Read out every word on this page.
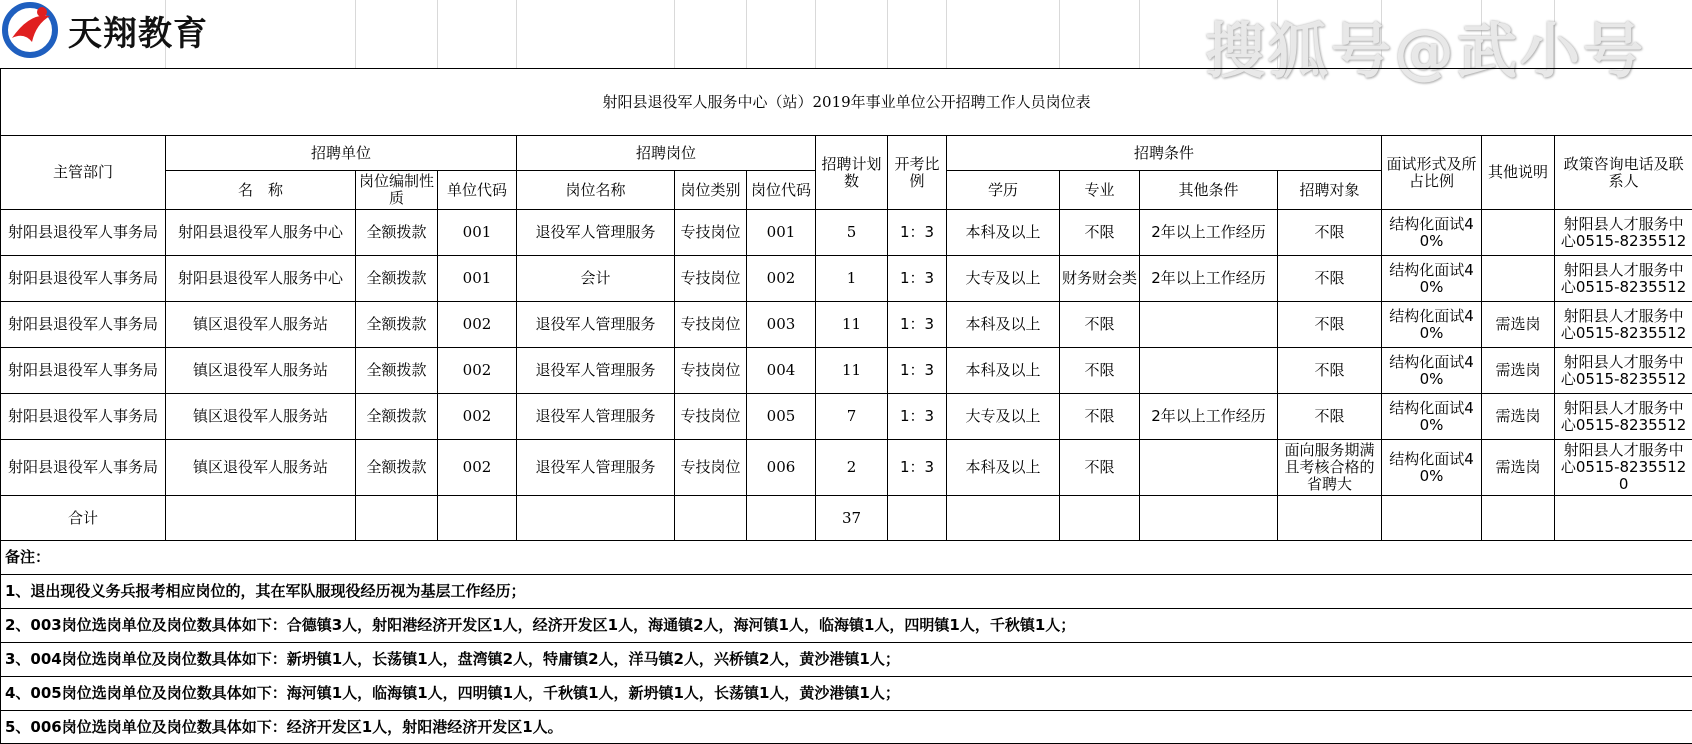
天翔教育	搜狐号@武小号
射阳县退役军人服务中心（站）2019年事业单位公开招聘工作人员岗位表															
主管部门	招聘单位			招聘岗位			招聘计划数	开考比例	招聘条件				面试形式及所占比例	其他说明	政策咨询电话及联系人
	名　称	岗位编制性质	单位代码	岗位名称	岗位类别	岗位代码			学历	专业	其他条件	招聘对象			
射阳县退役军人事务局	射阳县退役军人服务中心	全额拨款	001	退役军人管理服务	专技岗位	001	5	1：3	本科及以上	不限	2年以上工作经历	不限	结构化面试40%		射阳县人才服务中心0515-8235512

射阳县退役军人事务局	射阳县退役军人服务中心	全额拨款	001	会计	专技岗位	002	1	1：3	大专及以上	财务财会类	2年以上工作经历	不限	结构化面试40%		射阳县人才服务中心0515-8235512

射阳县退役军人事务局	镇区退役军人服务站	全额拨款	002	退役军人管理服务	专技岗位	003	11	1：3	本科及以上	不限		不限	结构化面试40%	需选岗	射阳县人才服务中心0515-8235512

射阳县退役军人事务局	镇区退役军人服务站	全额拨款	002	退役军人管理服务	专技岗位	004	11	1：3	本科及以上	不限		不限	结构化面试40%	需选岗	射阳县人才服务中心0515-8235512

射阳县退役军人事务局	镇区退役军人服务站	全额拨款	002	退役军人管理服务	专技岗位	005	7	1：3	大专及以上	不限	2年以上工作经历	不限	结构化面试40%	需选岗	射阳县人才服务中心0515-8235512

射阳县退役军人事务局	镇区退役军人服务站	全额拨款	002	退役军人管理服务	专技岗位	006	2	1：3	本科及以上	不限		面向服务期满且考核合格的省聘大	结构化面试40%	需选岗	射阳县人才服务中心0515-82355120

合计							37								
备注：															
1、退出现役义务兵报考相应岗位的，其在军队服现役经历视为基层工作经历；															
2、003岗位选岗单位及岗位数具体如下：合德镇3人，射阳港经济开发区1人，经济开发区1人，海通镇2人，海河镇1人，临海镇1人，四明镇1人，千秋镇1人；															
3、004岗位选岗单位及岗位数具体如下：新坍镇1人，长荡镇1人，盘湾镇2人，特庸镇2人，洋马镇2人，兴桥镇2人，黄沙港镇1人；															
4、005岗位选岗单位及岗位数具体如下：海河镇1人，临海镇1人，四明镇1人，千秋镇1人，新坍镇1人，长荡镇1人，黄沙港镇1人；															
5、006岗位选岗单位及岗位数具体如下：经济开发区1人，射阳港经济开发区1人。															
